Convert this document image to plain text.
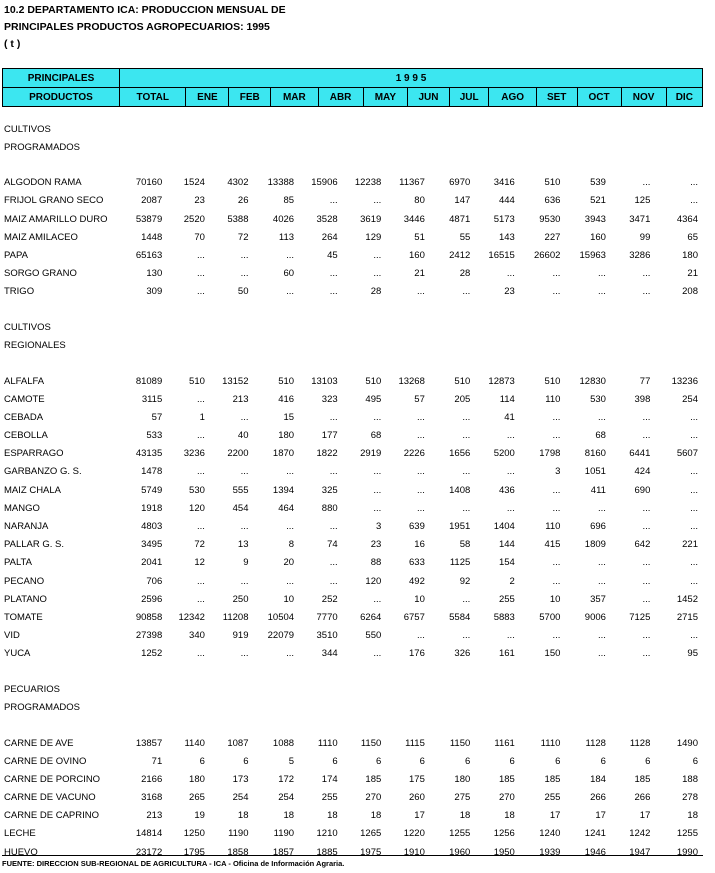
10.2 DEPARTAMENTO ICA: PRODUCCION MENSUAL DE
PRINCIPALES PRODUCTOS AGROPECUARIOS: 1995
( t )
PRINCIPALES	1 9 9 5												
PRODUCTOS	TOTAL	ENE	FEB	MAR	ABR	MAY	JUN	JUL	AGO	SET	OCT	NOV	DIC
CULTIVOS													
PROGRAMADOS													

ALGODON RAMA	70160	1524	4302	13388	15906	12238	11367	6970	3416	510	539	...	...
FRIJOL GRANO SECO	2087	23	26	85	...	...	80	147	444	636	521	125	...
MAIZ AMARILLO DURO	53879	2520	5388	4026	3528	3619	3446	4871	5173	9530	3943	3471	4364
MAIZ AMILACEO	1448	70	72	113	264	129	51	55	143	227	160	99	65
PAPA	65163	...	...	...	45	...	160	2412	16515	26602	15963	3286	180
SORGO GRANO	130	...	...	60	...	...	21	28	...	...	...	...	21
TRIGO	309	...	50	...	...	28	...	...	23	...	...	...	208

CULTIVOS													
REGIONALES													

ALFALFA	81089	510	13152	510	13103	510	13268	510	12873	510	12830	77	13236
CAMOTE	3115	...	213	416	323	495	57	205	114	110	530	398	254
CEBADA	57	1	...	15	...	...	...	...	41	...	...	...	...
CEBOLLA	533	...	40	180	177	68	...	...	...	...	68	...	...
ESPARRAGO	43135	3236	2200	1870	1822	2919	2226	1656	5200	1798	8160	6441	5607
GARBANZO G. S.	1478	...	...	...	...	...	...	...	...	3	1051	424	...
MAIZ CHALA	5749	530	555	1394	325	...	...	1408	436	...	411	690	...
MANGO	1918	120	454	464	880	...	...	...	...	...	...	...	...
NARANJA	4803	...	...	...	...	3	639	1951	1404	110	696	...	...
PALLAR G. S.	3495	72	13	8	74	23	16	58	144	415	1809	642	221
PALTA	2041	12	9	20	...	88	633	1125	154	...	...	...	...
PECANO	706	...	...	...	...	120	492	92	2	...	...	...	...
PLATANO	2596	...	250	10	252	...	10	...	255	10	357	...	1452
TOMATE	90858	12342	11208	10504	7770	6264	6757	5584	5883	5700	9006	7125	2715
VID	27398	340	919	22079	3510	550	...	...	...	...	...	...	...
YUCA	1252	...	...	...	344	...	176	326	161	150	...	...	95

PECUARIOS													
PROGRAMADOS													

CARNE DE AVE	13857	1140	1087	1088	1110	1150	1115	1150	1161	1110	1128	1128	1490
CARNE DE OVINO	71	6	6	5	6	6	6	6	6	6	6	6	6
CARNE DE PORCINO	2166	180	173	172	174	185	175	180	185	185	184	185	188
CARNE DE VACUNO	3168	265	254	254	255	270	260	275	270	255	266	266	278
CARNE DE CAPRINO	213	19	18	18	18	18	17	18	18	17	17	17	18
LECHE	14814	1250	1190	1190	1210	1265	1220	1255	1256	1240	1241	1242	1255
HUEVO	23172	1795	1858	1857	1885	1975	1910	1960	1950	1939	1946	1947	1990
FUENTE: DIRECCION SUB-REGIONAL DE AGRICULTURA - ICA - Oficina de Información Agraria.
